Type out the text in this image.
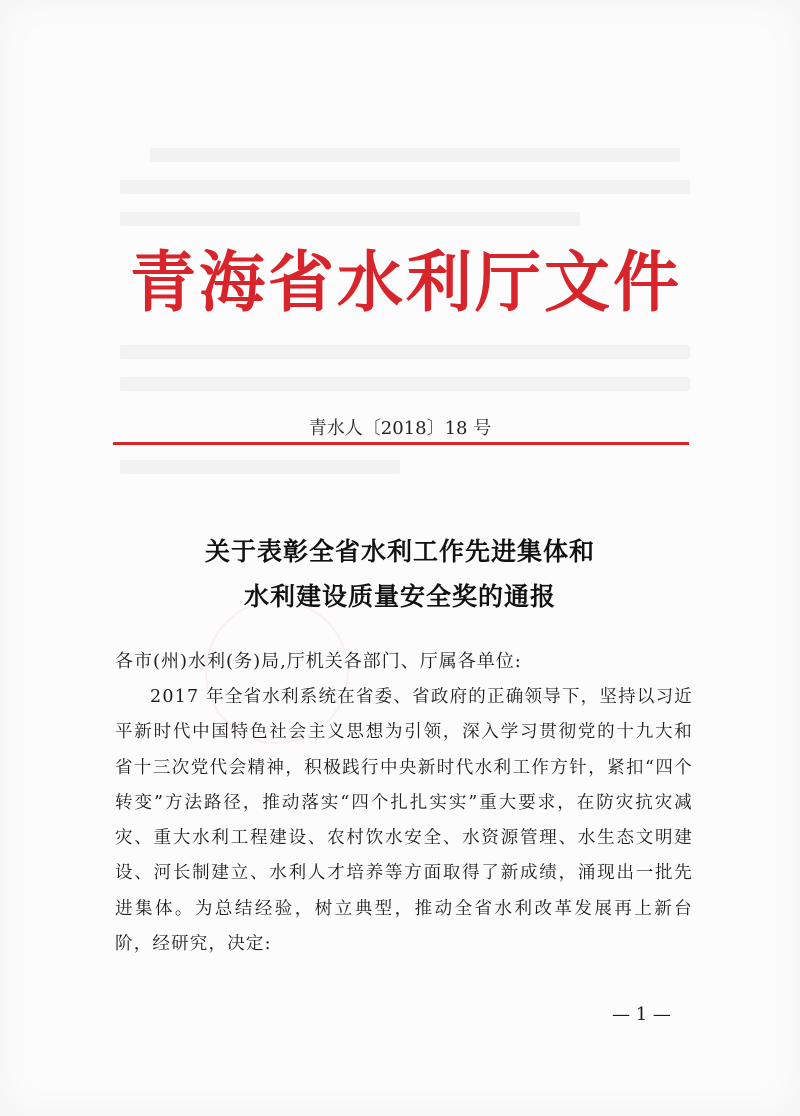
青海省水利厅文件
青水人〔2018〕18 号
关于表彰全省水利工作先进集体和
水利建设质量安全奖的通报
各市(州)水利(务)局,厅机关各部门、厅属各单位:
2017 年全省水利系统在省委、省政府的正确领导下，坚持以习近平新时代中国特色社会主义思想为引领，深入学习贯彻党的十九大和省十三次党代会精神，积极践行中央新时代水利工作方针，紧扣“四个转变”方法路径，推动落实“四个扎扎实实”重大要求，在防灾抗灾减灾、重大水利工程建设、农村饮水安全、水资源管理、水生态文明建设、河长制建立、水利人才培养等方面取得了新成绩，涌现出一批先进集体。为总结经验，树立典型，推动全省水利改革发展再上新台阶，经研究，决定:
— 1 —
